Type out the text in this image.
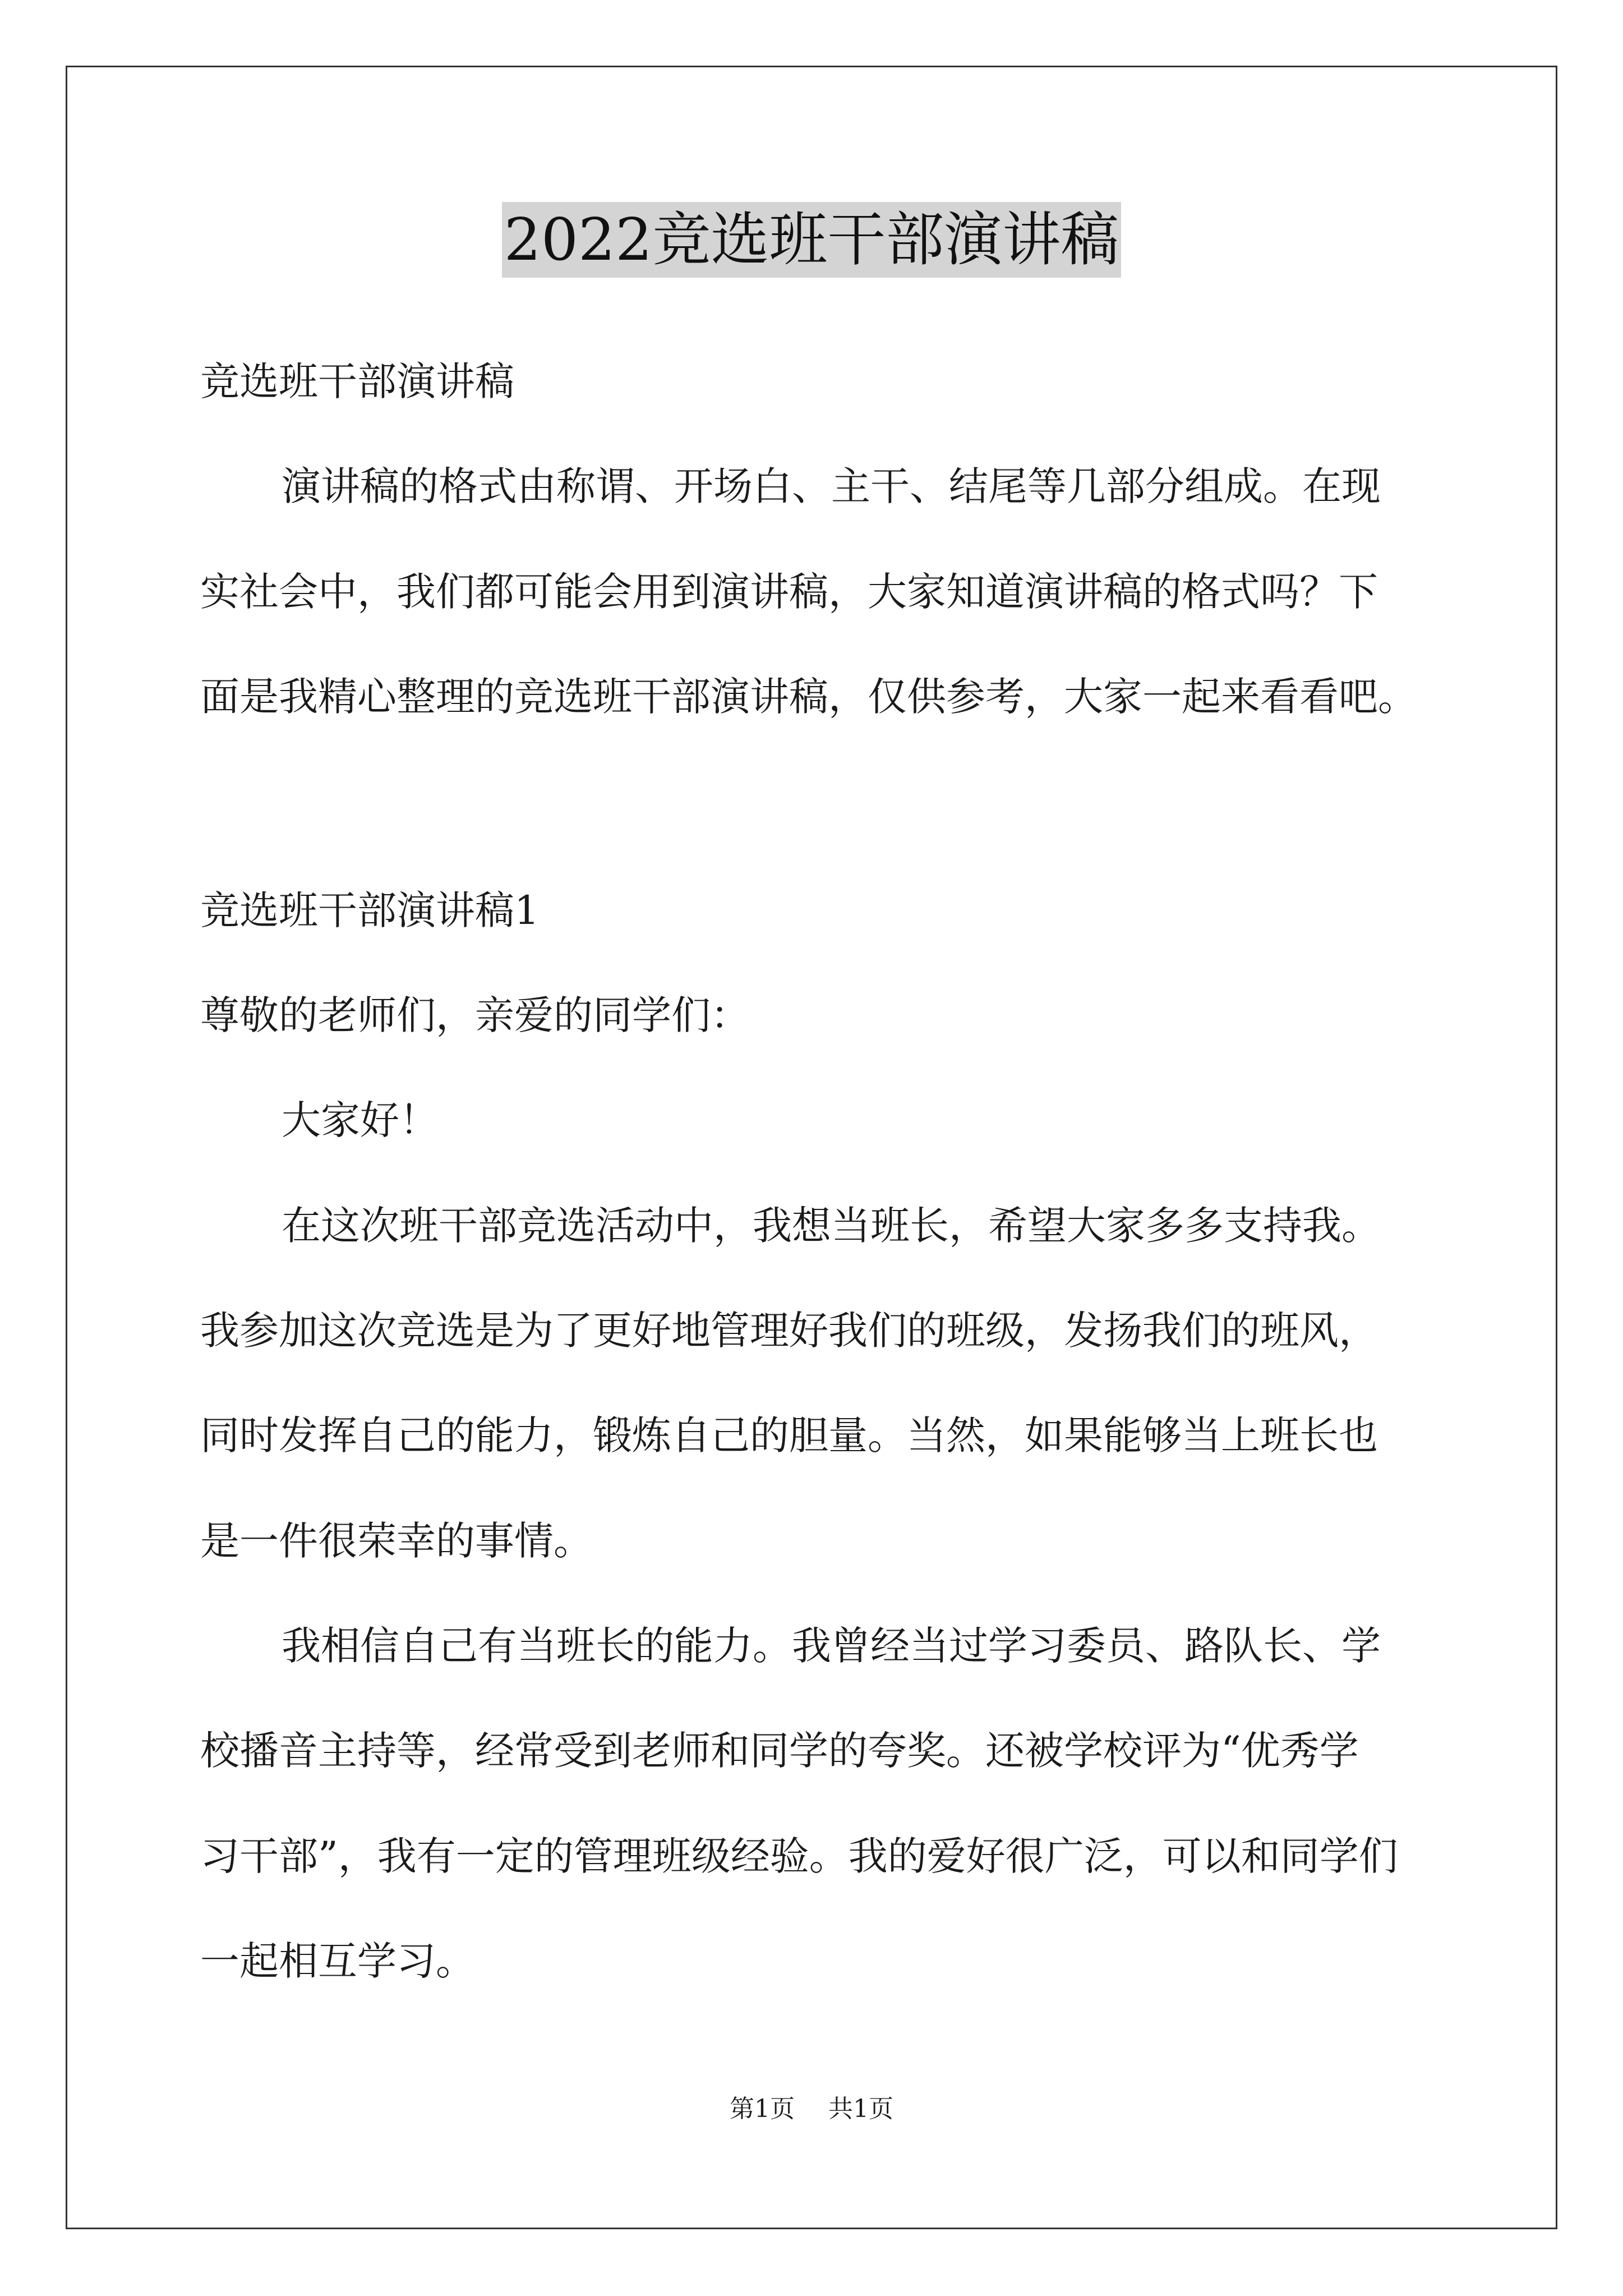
2022竞选班干部演讲稿
竞选班干部演讲稿
演讲稿的格式由称谓、开场白、主干、结尾等几部分组成。在现
实社会中，我们都可能会用到演讲稿，大家知道演讲稿的格式吗？下
面是我精心整理的竞选班干部演讲稿，仅供参考，大家一起来看看吧。
竞选班干部演讲稿1
尊敬的老师们，亲爱的同学们：
大家好！
在这次班干部竞选活动中，我想当班长，希望大家多多支持我。
我参加这次竞选是为了更好地管理好我们的班级，发扬我们的班风，
同时发挥自己的能力，锻炼自己的胆量。当然，如果能够当上班长也
是一件很荣幸的事情。
我相信自己有当班长的能力。我曾经当过学习委员、路队长、学
校播音主持等，经常受到老师和同学的夸奖。还被学校评为“优秀学
习干部”，我有一定的管理班级经验。我的爱好很广泛，可以和同学们
一起相互学习。
第1页 共1页
